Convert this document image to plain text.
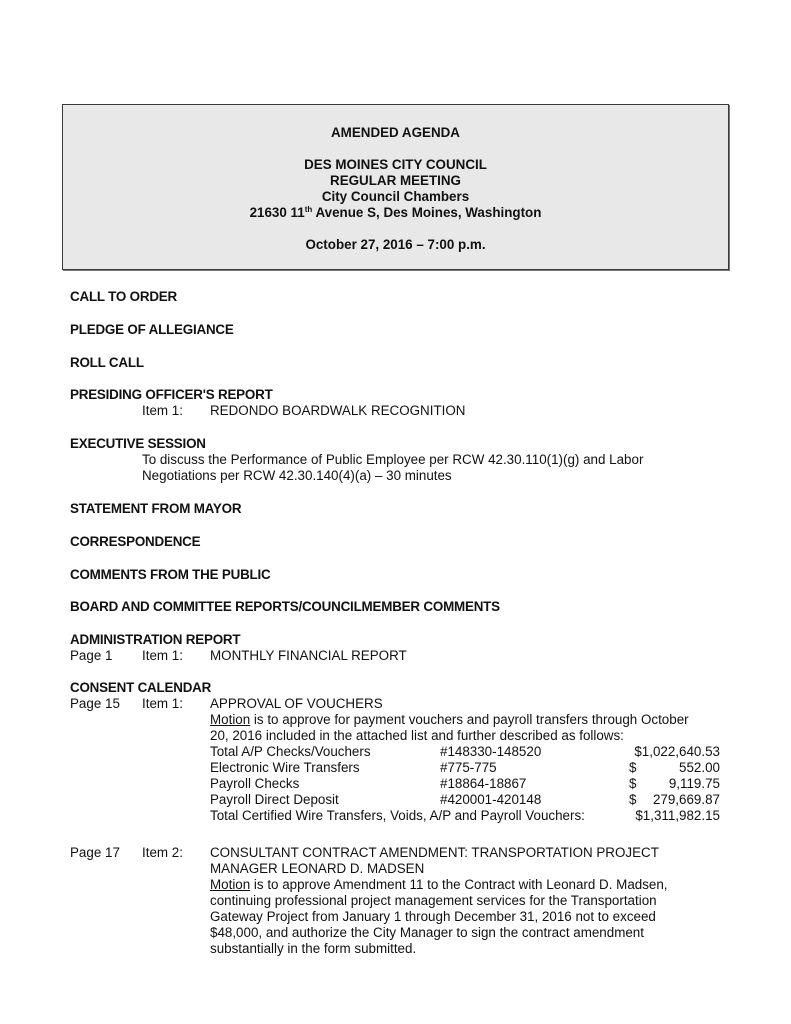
AMENDED AGENDA
DES MOINES CITY COUNCIL
REGULAR MEETING
City Council Chambers
21630 11th Avenue S, Des Moines, Washington
October 27, 2016 – 7:00 p.m.
CALL TO ORDER
PLEDGE OF ALLEGIANCE
ROLL CALL
PRESIDING OFFICER'S REPORT
Item 1: REDONDO BOARDWALK RECOGNITION
EXECUTIVE SESSION
To discuss the Performance of Public Employee per RCW 42.30.110(1)(g) and Labor
Negotiations per RCW 42.30.140(4)(a) – 30 minutes
STATEMENT FROM MAYOR
CORRESPONDENCE
COMMENTS FROM THE PUBLIC
BOARD AND COMMITTEE REPORTS/COUNCILMEMBER COMMENTS
ADMINISTRATION REPORT
Page 1 Item 1: MONTHLY FINANCIAL REPORT
CONSENT CALENDAR
Page 15 Item 1: APPROVAL OF VOUCHERS
Motion is to approve for payment vouchers and payroll transfers through October
20, 2016 included in the attached list and further described as follows:
Total A/P Checks/Vouchers	#148330-148520	$1,022,640.53
Electronic Wire Transfers	#775-775	$	552.00
Payroll Checks	#18864-18867	$	9,119.75
Payroll Direct Deposit	#420001-420148	$	279,669.87
Total Certified Wire Transfers, Voids, A/P and Payroll Vouchers:	$1,311,982.15
Page 17 Item 2: CONSULTANT CONTRACT AMENDMENT: TRANSPORTATION PROJECT
MANAGER LEONARD D. MADSEN
Motion is to approve Amendment 11 to the Contract with Leonard D. Madsen,
continuing professional project management services for the Transportation
Gateway Project from January 1 through December 31, 2016 not to exceed
$48,000, and authorize the City Manager to sign the contract amendment
substantially in the form submitted.
